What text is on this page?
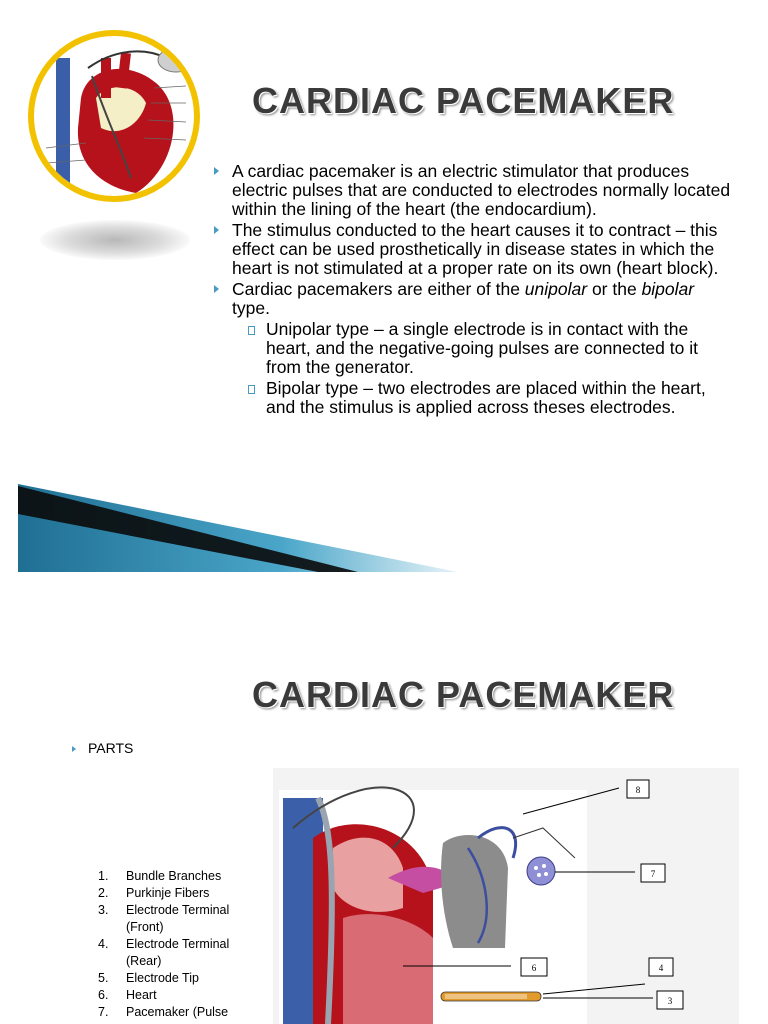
CARDIAC PACEMAKER
A cardiac pacemaker is an electric stimulator that produces electric pulses that are conducted to electrodes normally located within the lining of the heart (the endocardium).
The stimulus conducted to the heart causes it to contract – this effect can be used prosthetically in disease states in which the heart is not stimulated at a proper rate on its own (heart block).
Cardiac pacemakers are either of the unipolar or the bipolar type.
Unipolar type – a single electrode is in contact with the heart, and the negative-going pulses are connected to it from the generator.
Bipolar type – two electrodes are placed within the heart, and the stimulus is applied across theses electrodes.
CARDIAC PACEMAKER
PARTS
1. Bundle Branches
2. Purkinje Fibers
3. Electrode Terminal (Front)
4. Electrode Terminal (Rear)
5. Electrode Tip
6. Heart
7. Pacemaker (Pulse
8
7
6	4
3
